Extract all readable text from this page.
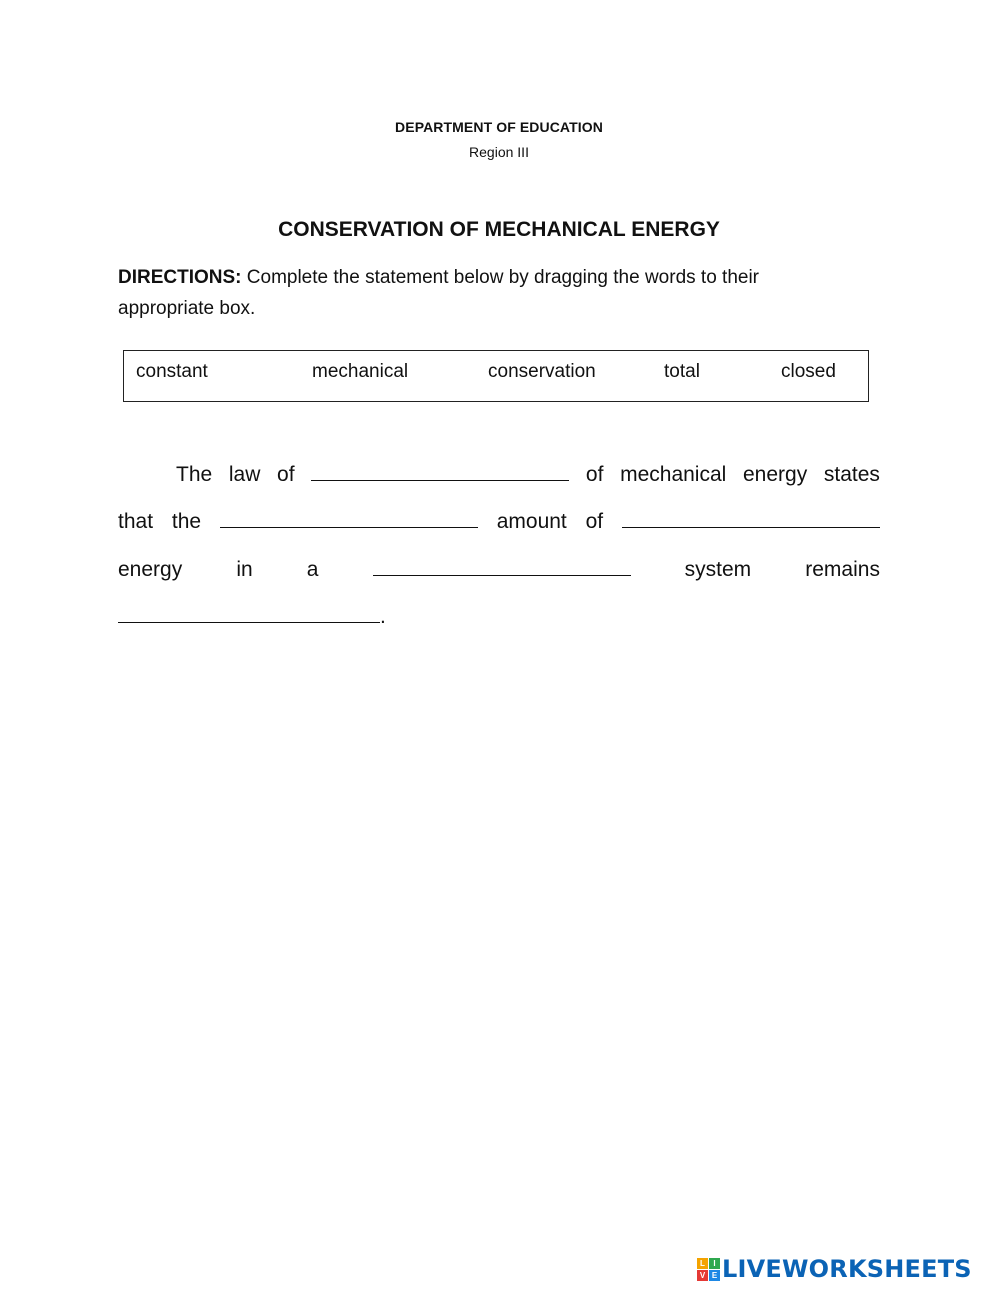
DEPARTMENT OF EDUCATION
Region III
CONSERVATION OF MECHANICAL ENERGY
DIRECTIONS: Complete the statement below by dragging the words to their appropriate box.
constant	mechanical	conservation	total	closed
The law of	of mechanical energy states
that the	amount of
energy	in	a	system	remains
.
L	I
V E LIVEWORKSHEETS
